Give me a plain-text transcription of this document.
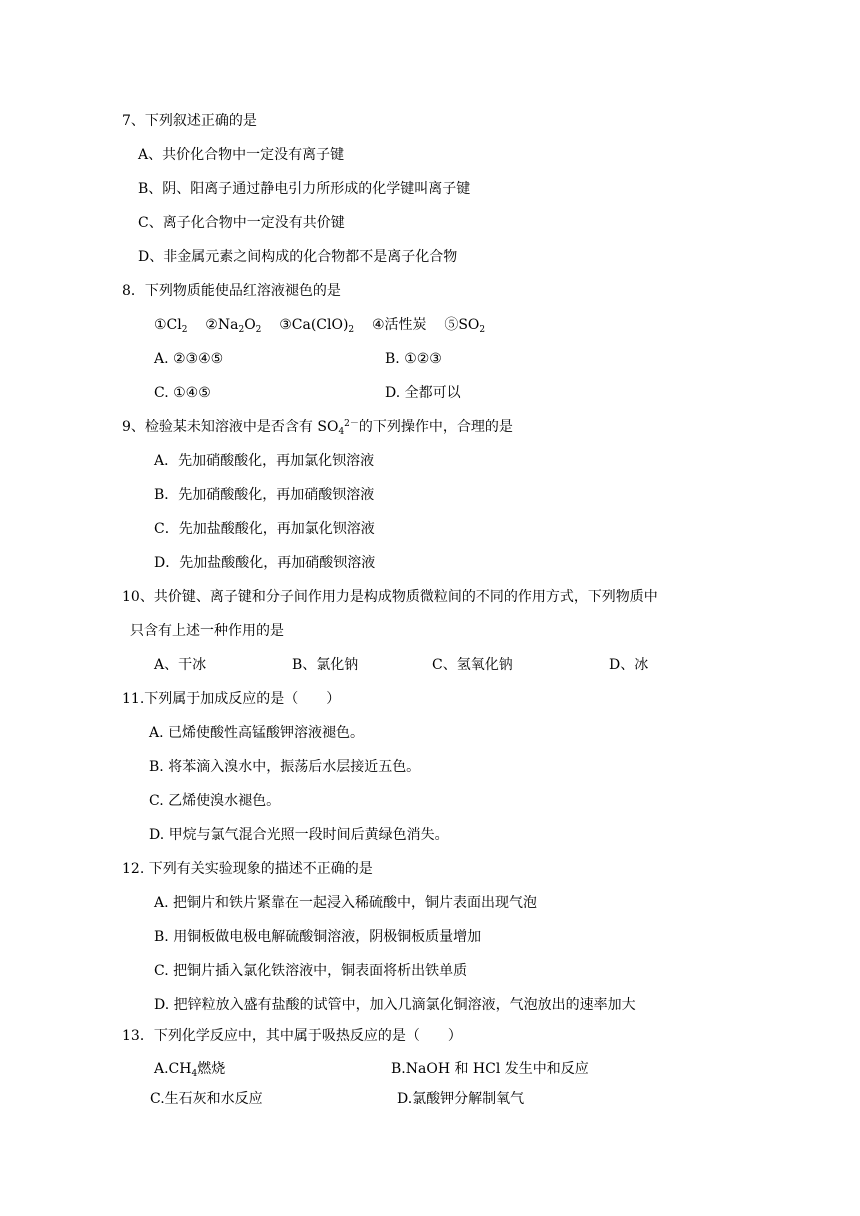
7、下列叙述正确的是
A、共价化合物中一定没有离子键
B、阴、阳离子通过静电引力所形成的化学键叫离子键
C、离子化合物中一定没有共价键
D、非金属元素之间构成的化合物都不是离子化合物
8．下列物质能使品红溶液褪色的是
$①Cl_2$ $②Na_2O_2$ $③Ca(ClO)_2$ ④活性炭 $⑤SO_2$
A. ②③④⑤	B. ①②③
C. ①④⑤	D. 全都可以
9、检验某未知溶液中是否含有 $SO_4^{2-}$的下列操作中，合理的是
A．先加硝酸酸化，再加氯化钡溶液
B．先加硝酸酸化，再加硝酸钡溶液
C．先加盐酸酸化，再加氯化钡溶液
D．先加盐酸酸化，再加硝酸钡溶液
10、共价键、离子键和分子间作用力是构成物质微粒间的不同的作用方式，下列物质中
只含有上述一种作用的是
A、干冰	B、氯化钠	C、氢氧化钠	D、冰
11.下列属于加成反应的是（　　）
A. 已烯使酸性高锰酸钾溶液褪色。
B. 将苯滴入溴水中，振荡后水层接近五色。
C. 乙烯使溴水褪色。
D. 甲烷与氯气混合光照一段时间后黄绿色消失。
12. 下列有关实验现象的描述不正确的是
A. 把铜片和铁片紧靠在一起浸入稀硫酸中，铜片表面出现气泡
B. 用铜板做电极电解硫酸铜溶液，阴极铜板质量增加
C. 把铜片插入氯化铁溶液中，铜表面将析出铁单质
D. 把锌粒放入盛有盐酸的试管中，加入几滴氯化铜溶液，气泡放出的速率加大
13．下列化学反应中，其中属于吸热反应的是（　　）
$A.CH_4$燃烧	B.NaOH 和 HCl 发生中和反应
C.生石灰和水反应	D.氯酸钾分解制氧气
